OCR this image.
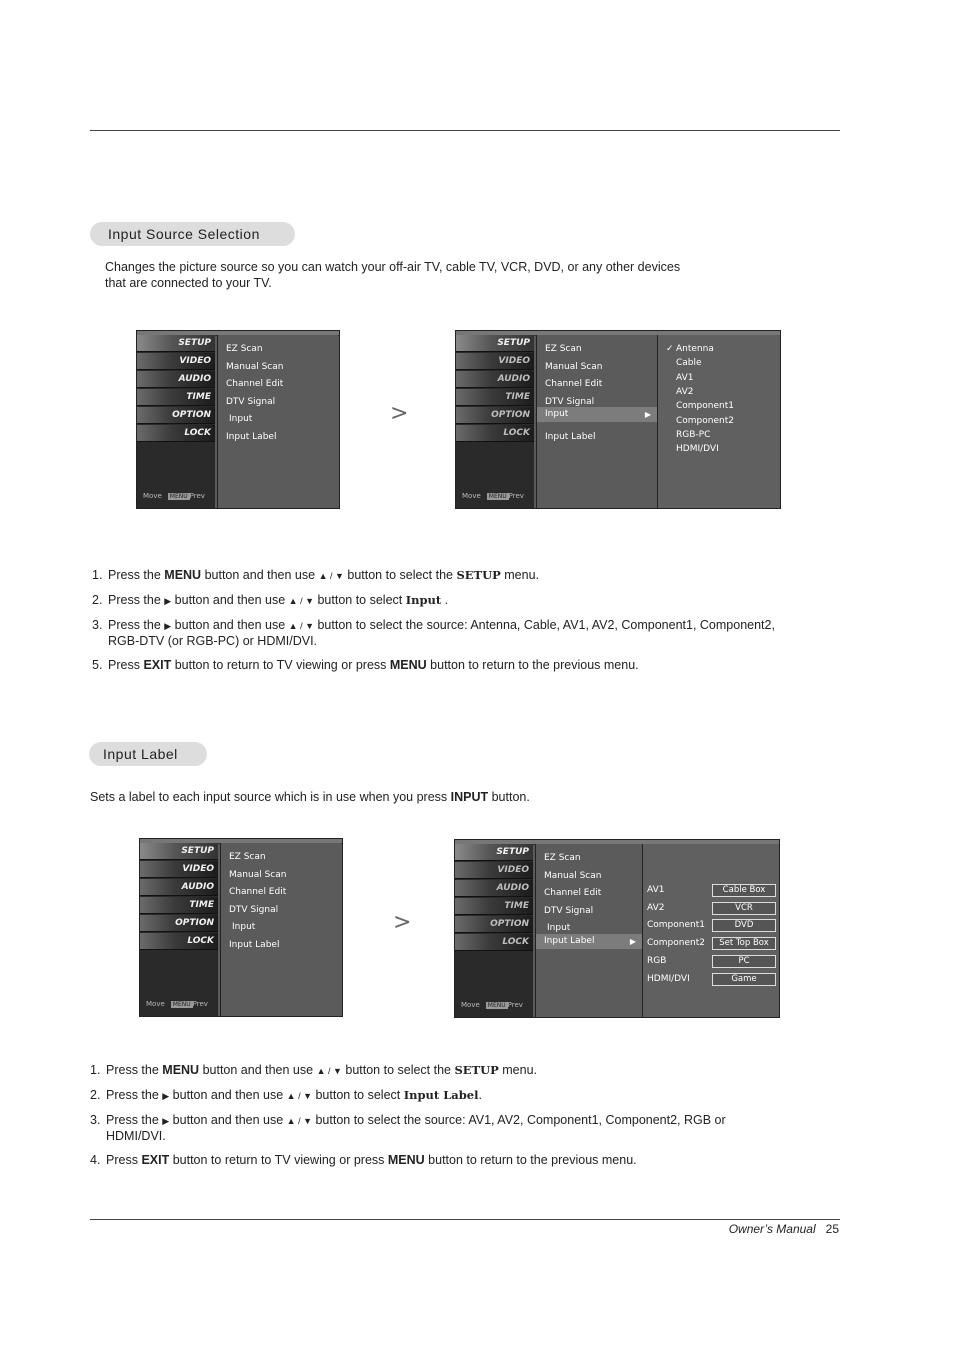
Input Source Selection
Changes the picture source so you can watch your off-air TV, cable TV, VCR, DVD, or any other devices
that are connected to your TV.
SETUP
VIDEO
AUDIO
TIME
OPTION
LOCK
Move MENU Prev
EZ Scan
Manual Scan
Channel Edit
DTV Signal
Input
Input Label
>
SETUP
VIDEO
AUDIO
TIME
OPTION
LOCK
Move MENU Prev
EZ Scan
Manual Scan
Channel Edit
DTV Signal
Input	▶
Input Label
✓ Antenna
Cable
AV1
AV2
Component1
Component2
RGB-PC
HDMI/DVI
1. Press the MENU button and then use ▲ / ▼ button to select the SETUP menu.
2. Press the ▶ button and then use ▲ / ▼ button to select Input .
3. Press the ▶ button and then use ▲ / ▼ button to select the source: Antenna, Cable, AV1, AV2, Component1, Component2, RGB-DTV (or RGB-PC) or HDMI/DVI.
5. Press EXIT button to return to TV viewing or press MENU button to return to the previous menu.
Input Label
Sets a label to each input source which is in use when you press INPUT button.
SETUP
VIDEO
AUDIO
TIME
OPTION
LOCK
Move MENU Prev
EZ Scan
Manual Scan
Channel Edit
DTV Signal
Input
Input Label
>
SETUP
VIDEO
AUDIO
TIME
OPTION
LOCK
Move MENU Prev
EZ Scan
Manual Scan
Channel Edit
DTV Signal
Input
Input Label	▶
AV1	Cable Box
AV2	VCR
Component1	DVD
Component2	Set Top Box
RGB	PC
HDMI/DVI	Game
1. Press the MENU button and then use ▲ / ▼ button to select the SETUP menu.
2. Press the ▶ button and then use ▲ / ▼ button to select Input Label.
3. Press the ▶ button and then use ▲ / ▼ button to select the source: AV1, AV2, Component1, Component2, RGB or HDMI/DVI.
4. Press EXIT button to return to TV viewing or press MENU button to return to the previous menu.
Owner’s Manual 25
